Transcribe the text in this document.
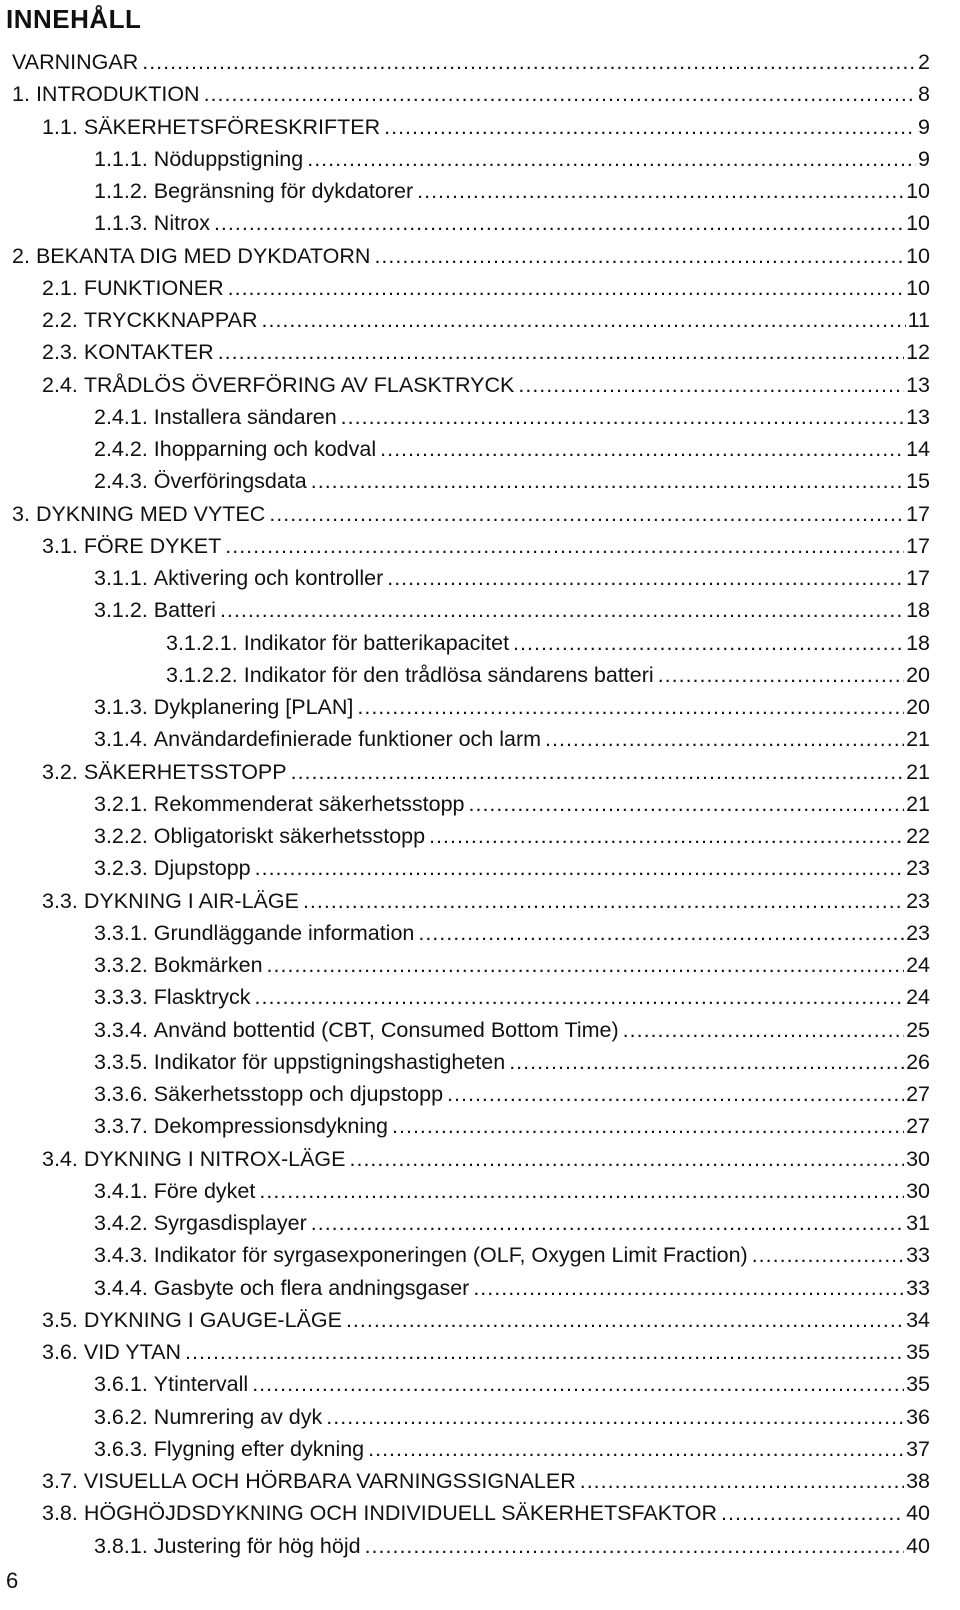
INNEHÅLL
VARNINGAR .....	2
1. INTRODUKTION .....	8
1.1. SÄKERHETSFÖRESKRIFTER .....	9
1.1.1. Nöduppstigning .....	9
1.1.2. Begränsning för dykdatorer .....	10
1.1.3. Nitrox .....	10
2. BEKANTA DIG MED DYKDATORN .....	10
2.1. FUNKTIONER .....	10
2.2. TRYCKKNAPPAR .....	11
2.3. KONTAKTER .....	12
2.4. TRÅDLÖS ÖVERFÖRING AV FLASKTRYCK .....	13
2.4.1. Installera sändaren .....	13
2.4.2. Ihopparning och kodval .....	14
2.4.3. Överföringsdata .....	15
3. DYKNING MED VYTEC .....	17
3.1. FÖRE DYKET .....	17
3.1.1. Aktivering och kontroller .....	17
3.1.2. Batteri .....	18
3.1.2.1. Indikator för batterikapacitet .....	18
3.1.2.2. Indikator för den trådlösa sändarens batteri .....	20
3.1.3. Dykplanering [PLAN] .....	20
3.1.4. Användardefinierade funktioner och larm .....	21
3.2. SÄKERHETSSTOPP .....	21
3.2.1. Rekommenderat säkerhetsstopp .....	21
3.2.2. Obligatoriskt säkerhetsstopp .....	22
3.2.3. Djupstopp .....	23
3.3. DYKNING I AIR-LÄGE .....	23
3.3.1. Grundläggande information .....	23
3.3.2. Bokmärken .....	24
3.3.3. Flasktryck .....	24
3.3.4. Använd bottentid (CBT, Consumed Bottom Time) .....	25
3.3.5. Indikator för uppstigningshastigheten .....	26
3.3.6. Säkerhetsstopp och djupstopp .....	27
3.3.7. Dekompressionsdykning .....	27
3.4. DYKNING I NITROX-LÄGE .....	30
3.4.1. Före dyket .....	30
3.4.2. Syrgasdisplayer .....	31
3.4.3. Indikator för syrgasexponeringen (OLF, Oxygen Limit Fraction) .....	33
3.4.4. Gasbyte och flera andningsgaser .....	33
3.5. DYKNING I GAUGE-LÄGE .....	34
3.6. VID YTAN .....	35
3.6.1. Ytintervall .....	35
3.6.2. Numrering av dyk .....	36
3.6.3. Flygning efter dykning .....	37
3.7. VISUELLA OCH HÖRBARA VARNINGSSIGNALER .....	38
3.8. HÖGHÖJDSDYKNING OCH INDIVIDUELL SÄKERHETSFAKTOR .....	40
3.8.1. Justering för hög höjd .....	40
6
